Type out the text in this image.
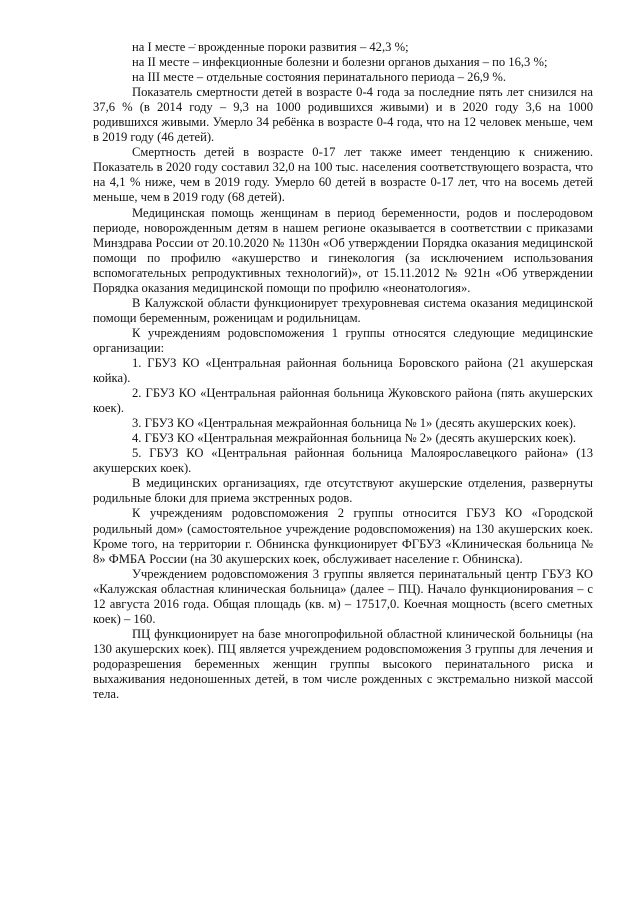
на I месте – врожденные пороки развития – 42,3 %;

на II месте – инфекционные болезни и болезни органов дыхания – по 16,3 %;

на III месте – отдельные состояния перинатального периода – 26,9 %.

Показатель смертности детей в возрасте 0-4 года за последние пять лет снизился на 37,6 % (в 2014 году – 9,3 на 1000 родившихся живыми) и в 2020 году 3,6 на 1000 родившихся живыми. Умерло 34 ребёнка в возрасте 0-4 года, что на 12 человек меньше, чем в 2019 году (46 детей).

Смертность детей в возрасте 0-17 лет также имеет тенденцию к снижению. Показатель в 2020 году составил 32,0 на 100 тыс. населения соответствующего возраста, что на 4,1 % ниже, чем в 2019 году. Умерло 60 детей в возрасте 0-17 лет, что на восемь детей меньше, чем в 2019 году (68 детей).

Медицинская помощь женщинам в период беременности, родов и послеродовом периоде, новорожденным детям в нашем регионе оказывается в соответствии с приказами Минздрава России от 20.10.2020 № 1130н «Об утверждении Порядка оказания медицинской помощи по профилю «акушерство и гинекология (за исключением использования вспомогательных репродуктивных технологий)», от 15.11.2012 № 921н «Об утверждении Порядка оказания медицинской помощи по профилю «неонатология».

В Калужской области функционирует трехуровневая система оказания медицинской помощи беременным, роженицам и родильницам.

К учреждениям родовспоможения 1 группы относятся следующие медицинские организации:

1. ГБУЗ КО «Центральная районная больница Боровского района (21 акушерская койка).

2. ГБУЗ КО «Центральная районная больница Жуковского района (пять акушерских коек).

3. ГБУЗ КО «Центральная межрайонная больница № 1» (десять акушерских коек).

4. ГБУЗ КО «Центральная межрайонная больница № 2» (десять акушерских коек).

5. ГБУЗ КО «Центральная районная больница Малоярославецкого района» (13 акушерских коек).

В медицинских организациях, где отсутствуют акушерские отделения, развернуты родильные блоки для приема экстренных родов.

К учреждениям родовспоможения 2 группы относится ГБУЗ КО «Городской родильный дом» (самостоятельное учреждение родовспоможения) на 130 акушерских коек. Кроме того, на территории г. Обнинска функционирует ФГБУЗ «Клиническая больница № 8» ФМБА России (на 30 акушерских коек, обслуживает население г. Обнинска).

Учреждением родовспоможения 3 группы является перинатальный центр ГБУЗ КО «Калужская областная клиническая больница» (далее – ПЦ). Начало функционирования – с 12 августа 2016 года. Общая площадь (кв. м) – 17517,0. Коечная мощность (всего сметных коек) – 160.

ПЦ функционирует на базе многопрофильной областной клинической больницы (на 130 акушерских коек). ПЦ является учреждением родовспоможения 3 группы для лечения и родоразрешения беременных женщин группы высокого перинатального риска и выхаживания недоношенных детей, в том числе рожденных с экстремально низкой массой тела.
